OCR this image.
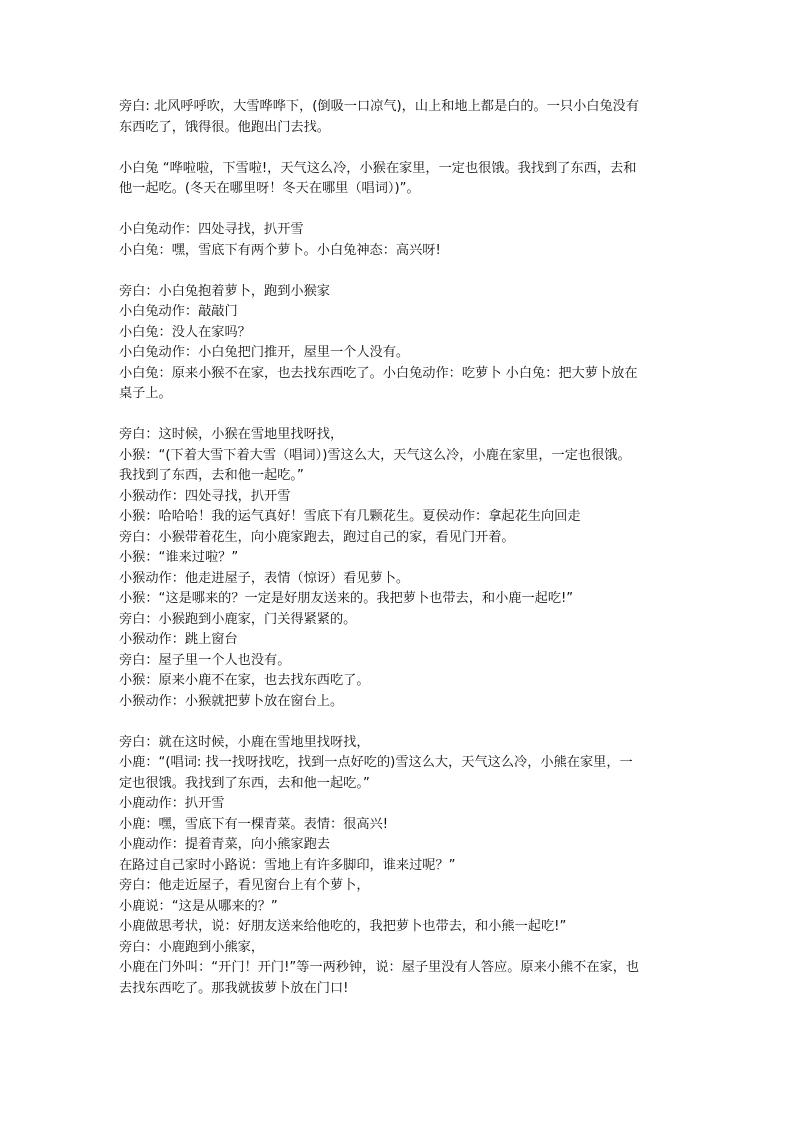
旁白: 北风呼呼吹，大雪哗哗下，(倒吸一口凉气)，山上和地上都是白的。一只小白兔没有
东西吃了，饿得很。他跑出门去找。
小白兔 “哗啦啦，下雪啦!，天气这么冷，小猴在家里，一定也很饿。我找到了东西，去和
他一起吃。(冬天在哪里呀！冬天在哪里（唱词）)”。
小白兔动作：四处寻找，扒开雪
小白兔：嘿，雪底下有两个萝卜。小白兔神态：高兴呀!
旁白：小白兔抱着萝卜，跑到小猴家
小白兔动作：敲敲门
小白兔：没人在家吗？
小白兔动作：小白兔把门推开，屋里一个人没有。
小白兔：原来小猴不在家，也去找东西吃了。小白兔动作：吃萝卜 小白兔：把大萝卜放在
桌子上。
旁白：这时候，小猴在雪地里找呀找，
小猴：“(下着大雪下着大雪（唱词）)雪这么大，天气这么冷，小鹿在家里，一定也很饿。
我找到了东西，去和他一起吃。”
小猴动作：四处寻找，扒开雪
小猴：哈哈哈！我的运气真好！雪底下有几颗花生。夏侯动作：拿起花生向回走
旁白：小猴带着花生，向小鹿家跑去，跑过自己的家，看见门开着。
小猴：“谁来过啦？”
小猴动作：他走进屋子，表情（惊讶）看见萝卜。
小猴：“这是哪来的？一定是好朋友送来的。我把萝卜也带去，和小鹿一起吃!”
旁白：小猴跑到小鹿家，门关得紧紧的。
小猴动作：跳上窗台
旁白：屋子里一个人也没有。
小猴：原来小鹿不在家，也去找东西吃了。
小猴动作：小猴就把萝卜放在窗台上。
旁白：就在这时候，小鹿在雪地里找呀找，
小鹿：“(唱词: 找一找呀找吃，找到一点好吃的)雪这么大，天气这么冷，小熊在家里，一
定也很饿。我找到了东西，去和他一起吃。”
小鹿动作：扒开雪
小鹿：嘿，雪底下有一棵青菜。表情：很高兴!
小鹿动作：提着青菜，向小熊家跑去
在路过自己家时小路说：雪地上有许多脚印，谁来过呢？”
旁白：他走近屋子，看见窗台上有个萝卜，
小鹿说：“这是从哪来的？”
小鹿做思考状，说：好朋友送来给他吃的，我把萝卜也带去，和小熊一起吃!”
旁白：小鹿跑到小熊家，
小鹿在门外叫：“开门！开门!”等一两秒钟，说：屋子里没有人答应。原来小熊不在家，也
去找东西吃了。那我就拔萝卜放在门口!
